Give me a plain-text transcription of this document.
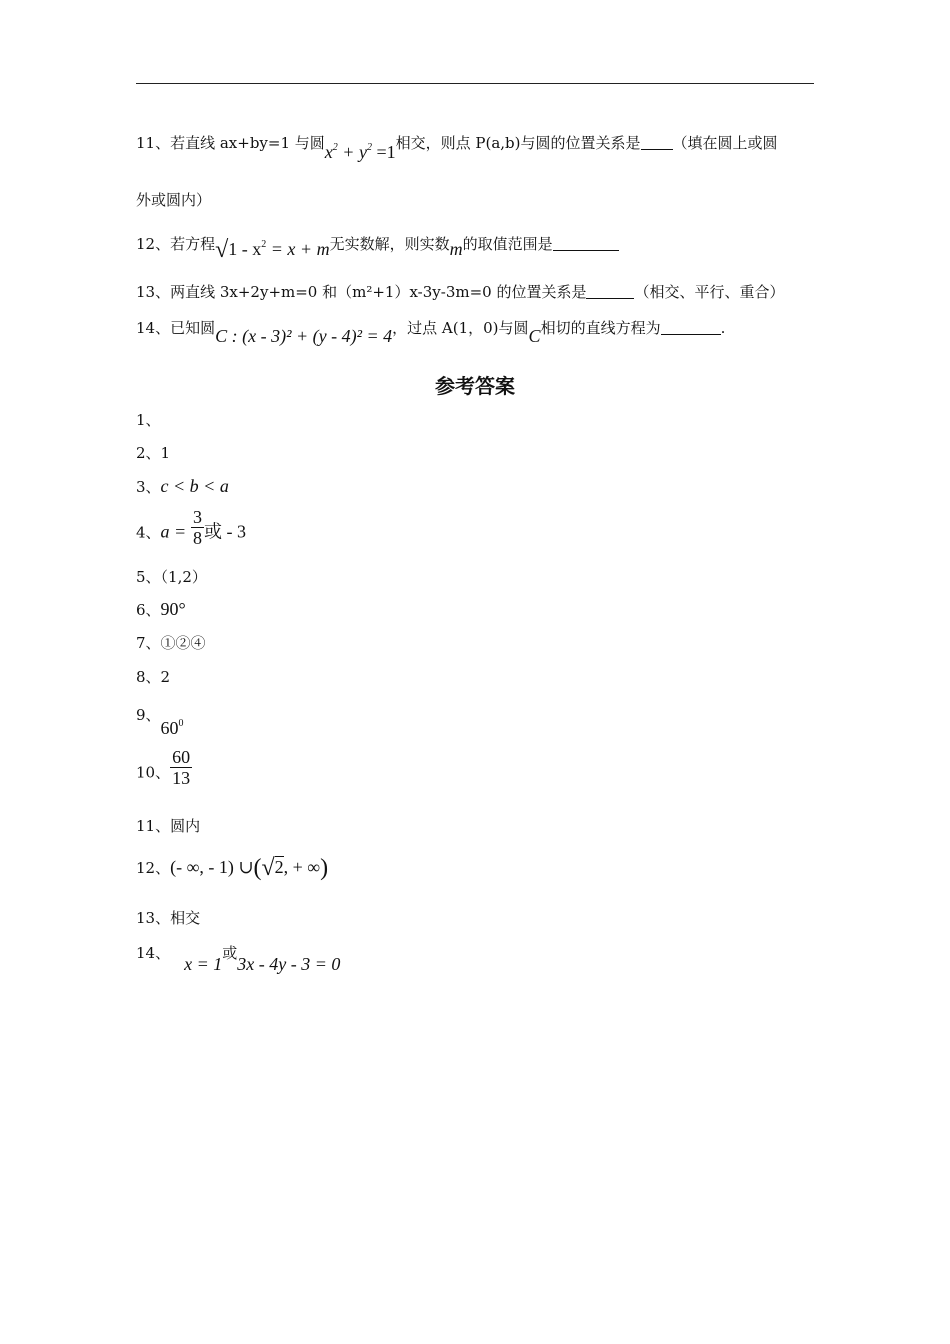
11、若直线 ax+by=1 与圆$x^2 + y^2 =1$相交，则点 P(a,b)与圆的位置关系是 （填在圆上或圆
外或圆内）
12、若方程$√1 - x^2 = x + m$无实数解，则实数m的取值范围是
13、两直线 3x+2y+m=0 和（m²+1）x-3y-3m=0 的位置关系是	（相交、平行、重合）
14、已知圆C : (x - 3)² + (y - 4)² = 4，过点 A(1，0)与圆C相切的直线方程为	.
参考答案
1、
2、1
3、c < b < a
4、$a = \frac{3}{8}$ 或 - 3
5、（1,2）
6、90°
7、①②④
8、2
9、$60^0$
10、 $\frac{60}{13}$
11、圆内
12、(- ∞, - 1) ∪(√2, + ∞)
13、相交
14、x = 1或3x - 4y - 3 = 0
